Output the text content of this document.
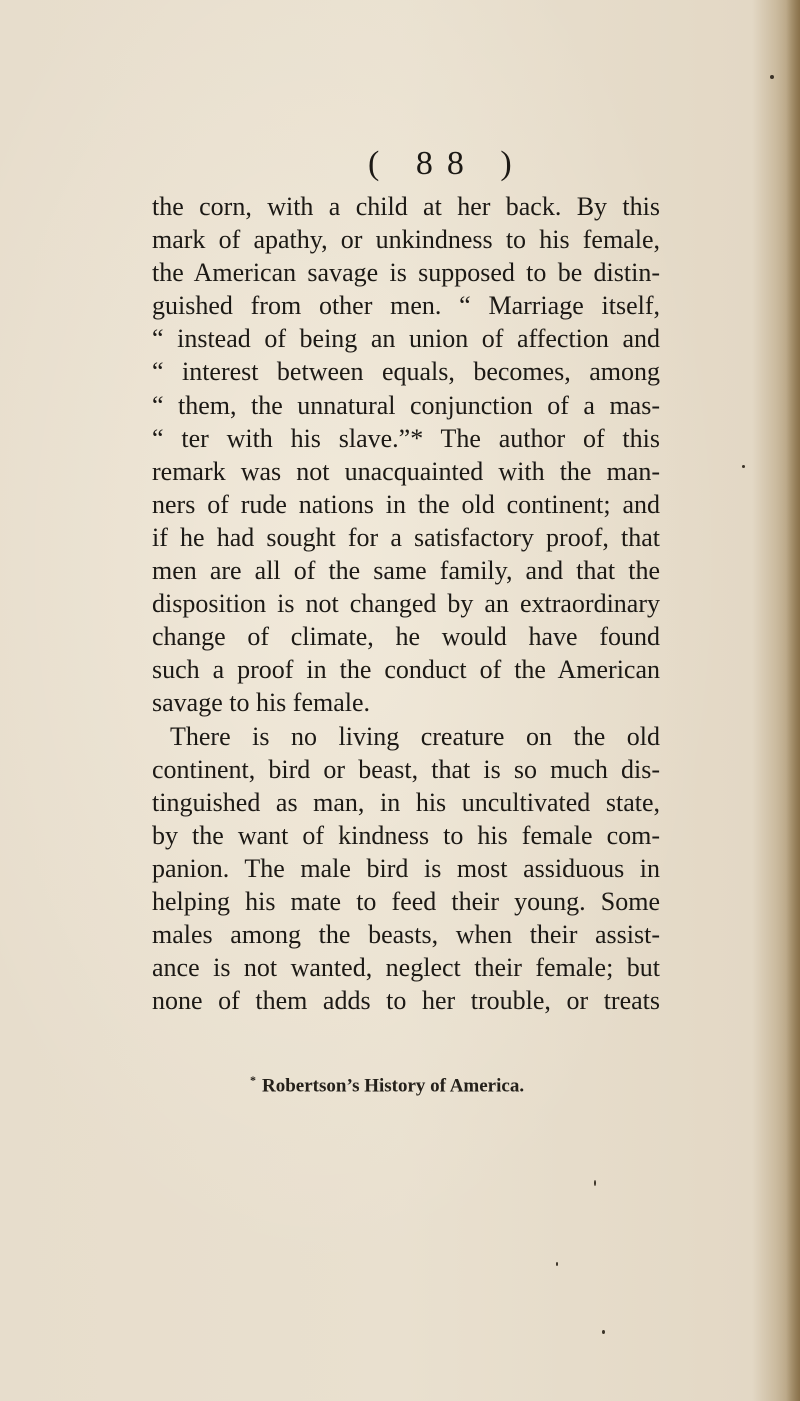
( 88 )
the corn, with a child at her back. By this
mark of apathy, or unkindness to his female,
the American savage is supposed to be distin-
guished from other men. “ Marriage itself,
“ instead of being an union of affection and
“ interest between equals, becomes, among
“ them, the unnatural conjunction of a mas-
“ ter with his slave.”* The author of this
remark was not unacquainted with the man-
ners of rude nations in the old continent; and
if he had sought for a satisfactory proof, that
men are all of the same family, and that the
disposition is not changed by an extraordinary
change of climate, he would have found
such a proof in the conduct of the American
savage to his female.
There is no living creature on the old
continent, bird or beast, that is so much dis-
tinguished as man, in his uncultivated state,
by the want of kindness to his female com-
panion. The male bird is most assiduous in
helping his mate to feed their young. Some
males among the beasts, when their assist-
ance is not wanted, neglect their female; but
none of them adds to her trouble, or treats
* Robertson’s History of America.
